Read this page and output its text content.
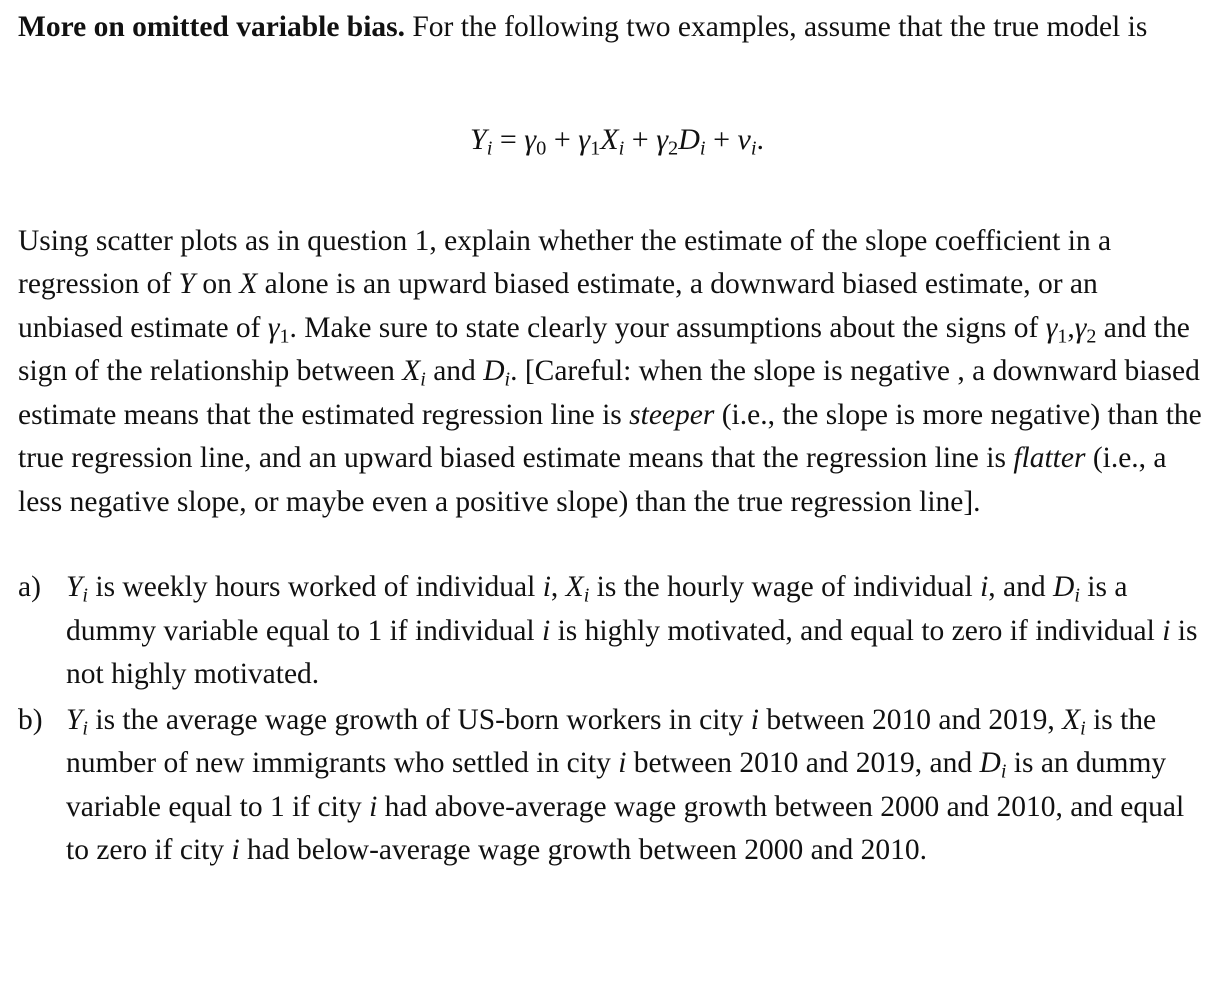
More on omitted variable bias. For the following two examples, assume that the true model is

$Y_i = \gamma_0 + \gamma_1X_i + \gamma_2D_i + v_i$.

Using scatter plots as in question 1, explain whether the estimate of the slope coefficient in a regression of Y on X alone is an upward biased estimate, a downward biased estimate, or an unbiased estimate of $\gamma_1$. Make sure to state clearly your assumptions about the signs of $\gamma_1,\gamma_2$ and the sign of the relationship between $X_i$ and $D_i$. [Careful: when the slope is negative , a downward biased estimate means that the estimated regression line is steeper (i.e., the slope is more negative) than the true regression line, and an upward biased estimate means that the regression line is flatter (i.e., a less negative slope, or maybe even a positive slope) than the true regression line].

a) $Y_i$ is weekly hours worked of individual i, $X_i$ is the hourly wage of individual i, and $D_i$ is a dummy variable equal to 1 if individual i is highly motivated, and equal to zero if individual i is not highly motivated.
b) $Y_i$ is the average wage growth of US-born workers in city i between 2010 and 2019, $X_i$ is the number of new immigrants who settled in city i between 2010 and 2019, and $D_i$ is an dummy variable equal to 1 if city i had above-average wage growth between 2000 and 2010, and equal to zero if city i had below-average wage growth between 2000 and 2010.
